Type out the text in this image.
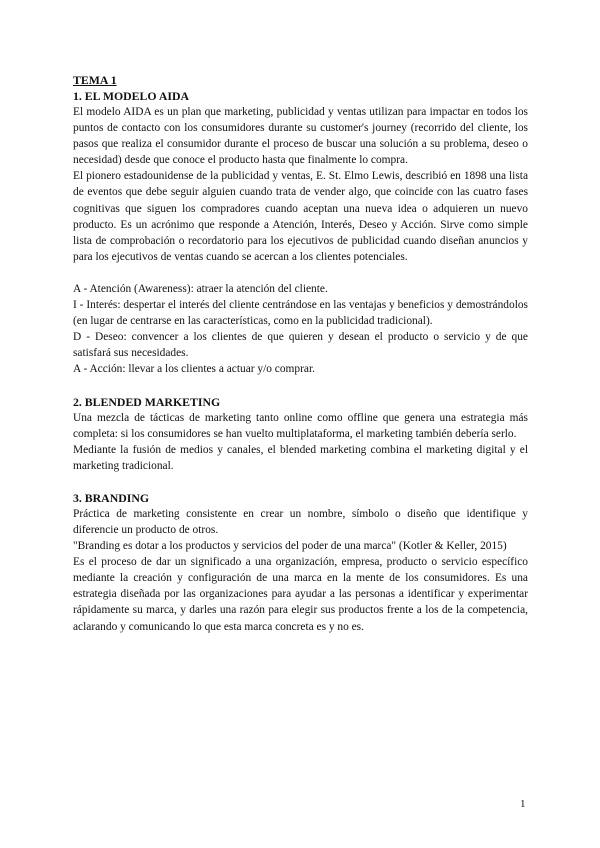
TEMA 1
1. EL MODELO AIDA

El modelo AIDA es un plan que marketing, publicidad y ventas utilizan para impactar en todos los puntos de contacto con los consumidores durante su customer's journey (recorrido del cliente, los pasos que realiza el consumidor durante el proceso de buscar una solución a su problema, deseo o necesidad) desde que conoce el producto hasta que finalmente lo compra.

El pionero estadounidense de la publicidad y ventas, E. St. Elmo Lewis, describió en 1898 una lista de eventos que debe seguir alguien cuando trata de vender algo, que coincide con las cuatro fases cognitivas que siguen los compradores cuando aceptan una nueva idea o adquieren un nuevo producto. Es un acrónimo que responde a Atención, Interés, Deseo y Acción. Sirve como simple lista de comprobación o recordatorio para los ejecutivos de publicidad cuando diseñan anuncios y para los ejecutivos de ventas cuando se acercan a los clientes potenciales.

A - Atención (Awareness): atraer la atención del cliente.

I - Interés: despertar el interés del cliente centrándose en las ventajas y beneficios y demostrándolos (en lugar de centrarse en las características, como en la publicidad tradicional).

D - Deseo: convencer a los clientes de que quieren y desean el producto o servicio y de que satisfará sus necesidades.

A - Acción: llevar a los clientes a actuar y/o comprar.

2. BLENDED MARKETING

Una mezcla de tácticas de marketing tanto online como offline que genera una estrategia más completa: si los consumidores se han vuelto multiplataforma, el marketing también debería serlo.

Mediante la fusión de medios y canales, el blended marketing combina el marketing digital y el marketing tradicional.

3. BRANDING

Práctica de marketing consistente en crear un nombre, símbolo o diseño que identifique y diferencie un producto de otros.

"Branding es dotar a los productos y servicios del poder de una marca" (Kotler & Keller, 2015)

Es el proceso de dar un significado a una organización, empresa, producto o servicio específico mediante la creación y configuración de una marca en la mente de los consumidores. Es una estrategia diseñada por las organizaciones para ayudar a las personas a identificar y experimentar rápidamente su marca, y darles una razón para elegir sus productos frente a los de la competencia, aclarando y comunicando lo que esta marca concreta es y no es.

1
